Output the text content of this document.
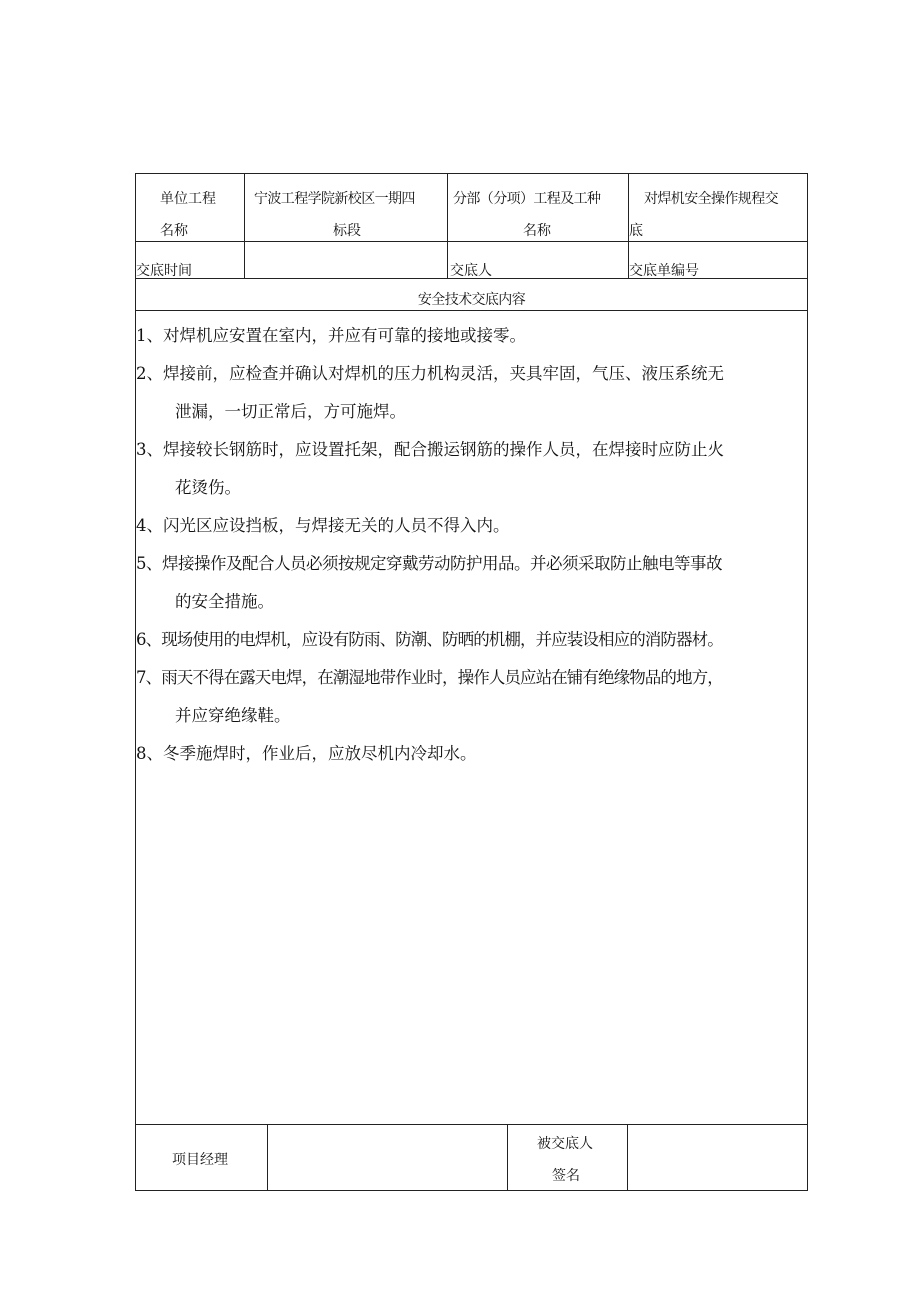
单位工程
名称
宁波工程学院新校区一期四
标段
分部（分项）工程及工种
名称
对焊机安全操作规程交
底
交底时间	交底人	交底单编号
安全技术交底内容
1、对焊机应安置在室内，并应有可靠的接地或接零。
2、焊接前，应检查并确认对焊机的压力机构灵活，夹具牢固，气压、液压系统无
泄漏，一切正常后，方可施焊。
3、焊接较长钢筋时，应设置托架，配合搬运钢筋的操作人员，在焊接时应防止火
花烫伤。
4、闪光区应设挡板，与焊接无关的人员不得入内。
5、焊接操作及配合人员必须按规定穿戴劳动防护用品。并必须采取防止触电等事故
的安全措施。
6、现场使用的电焊机，应设有防雨、防潮、防晒的机棚，并应装设相应的消防器材。
7、雨天不得在露天电焊，在潮湿地带作业时，操作人员应站在铺有绝缘物品的地方，
并应穿绝缘鞋。
8、冬季施焊时，作业后，应放尽机内冷却水。
项目经理
被交底人
签名
